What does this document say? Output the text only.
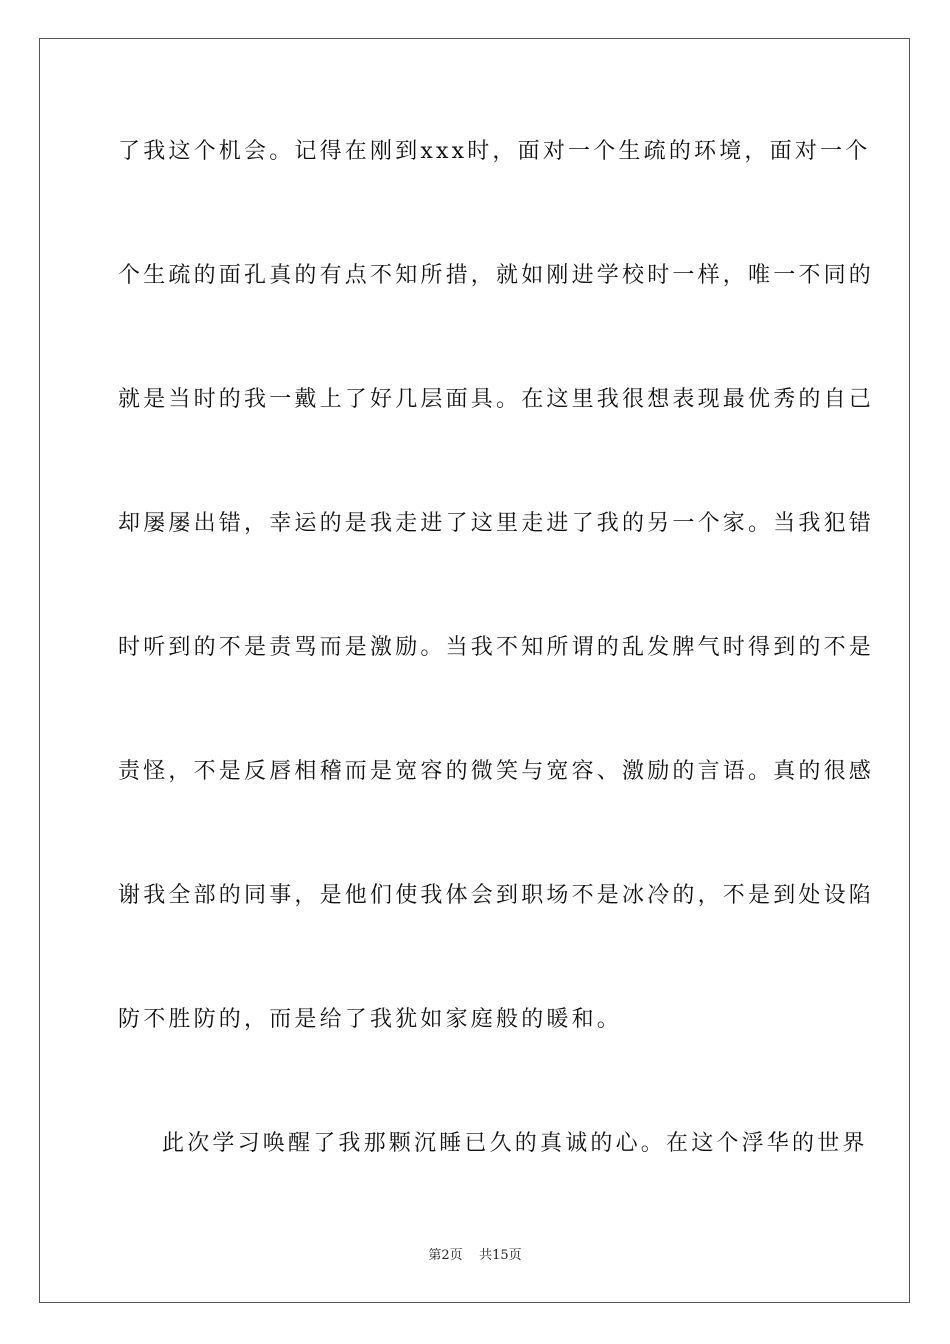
了我这个机会。记得在刚到xxx时，面对一个生疏的环境，面对一个
个生疏的面孔真的有点不知所措，就如刚进学校时一样，唯一不同的
就是当时的我一戴上了好几层面具。在这里我很想表现最优秀的自己
却屡屡出错，幸运的是我走进了这里走进了我的另一个家。当我犯错
时听到的不是责骂而是激励。当我不知所谓的乱发脾气时得到的不是
责怪，不是反唇相稽而是宽容的微笑与宽容、激励的言语。真的很感
谢我全部的同事，是他们使我体会到职场不是冰冷的，不是到处设陷
防不胜防的，而是给了我犹如家庭般的暖和。
此次学习唤醒了我那颗沉睡已久的真诚的心。在这个浮华的世界
第2页 共15页
